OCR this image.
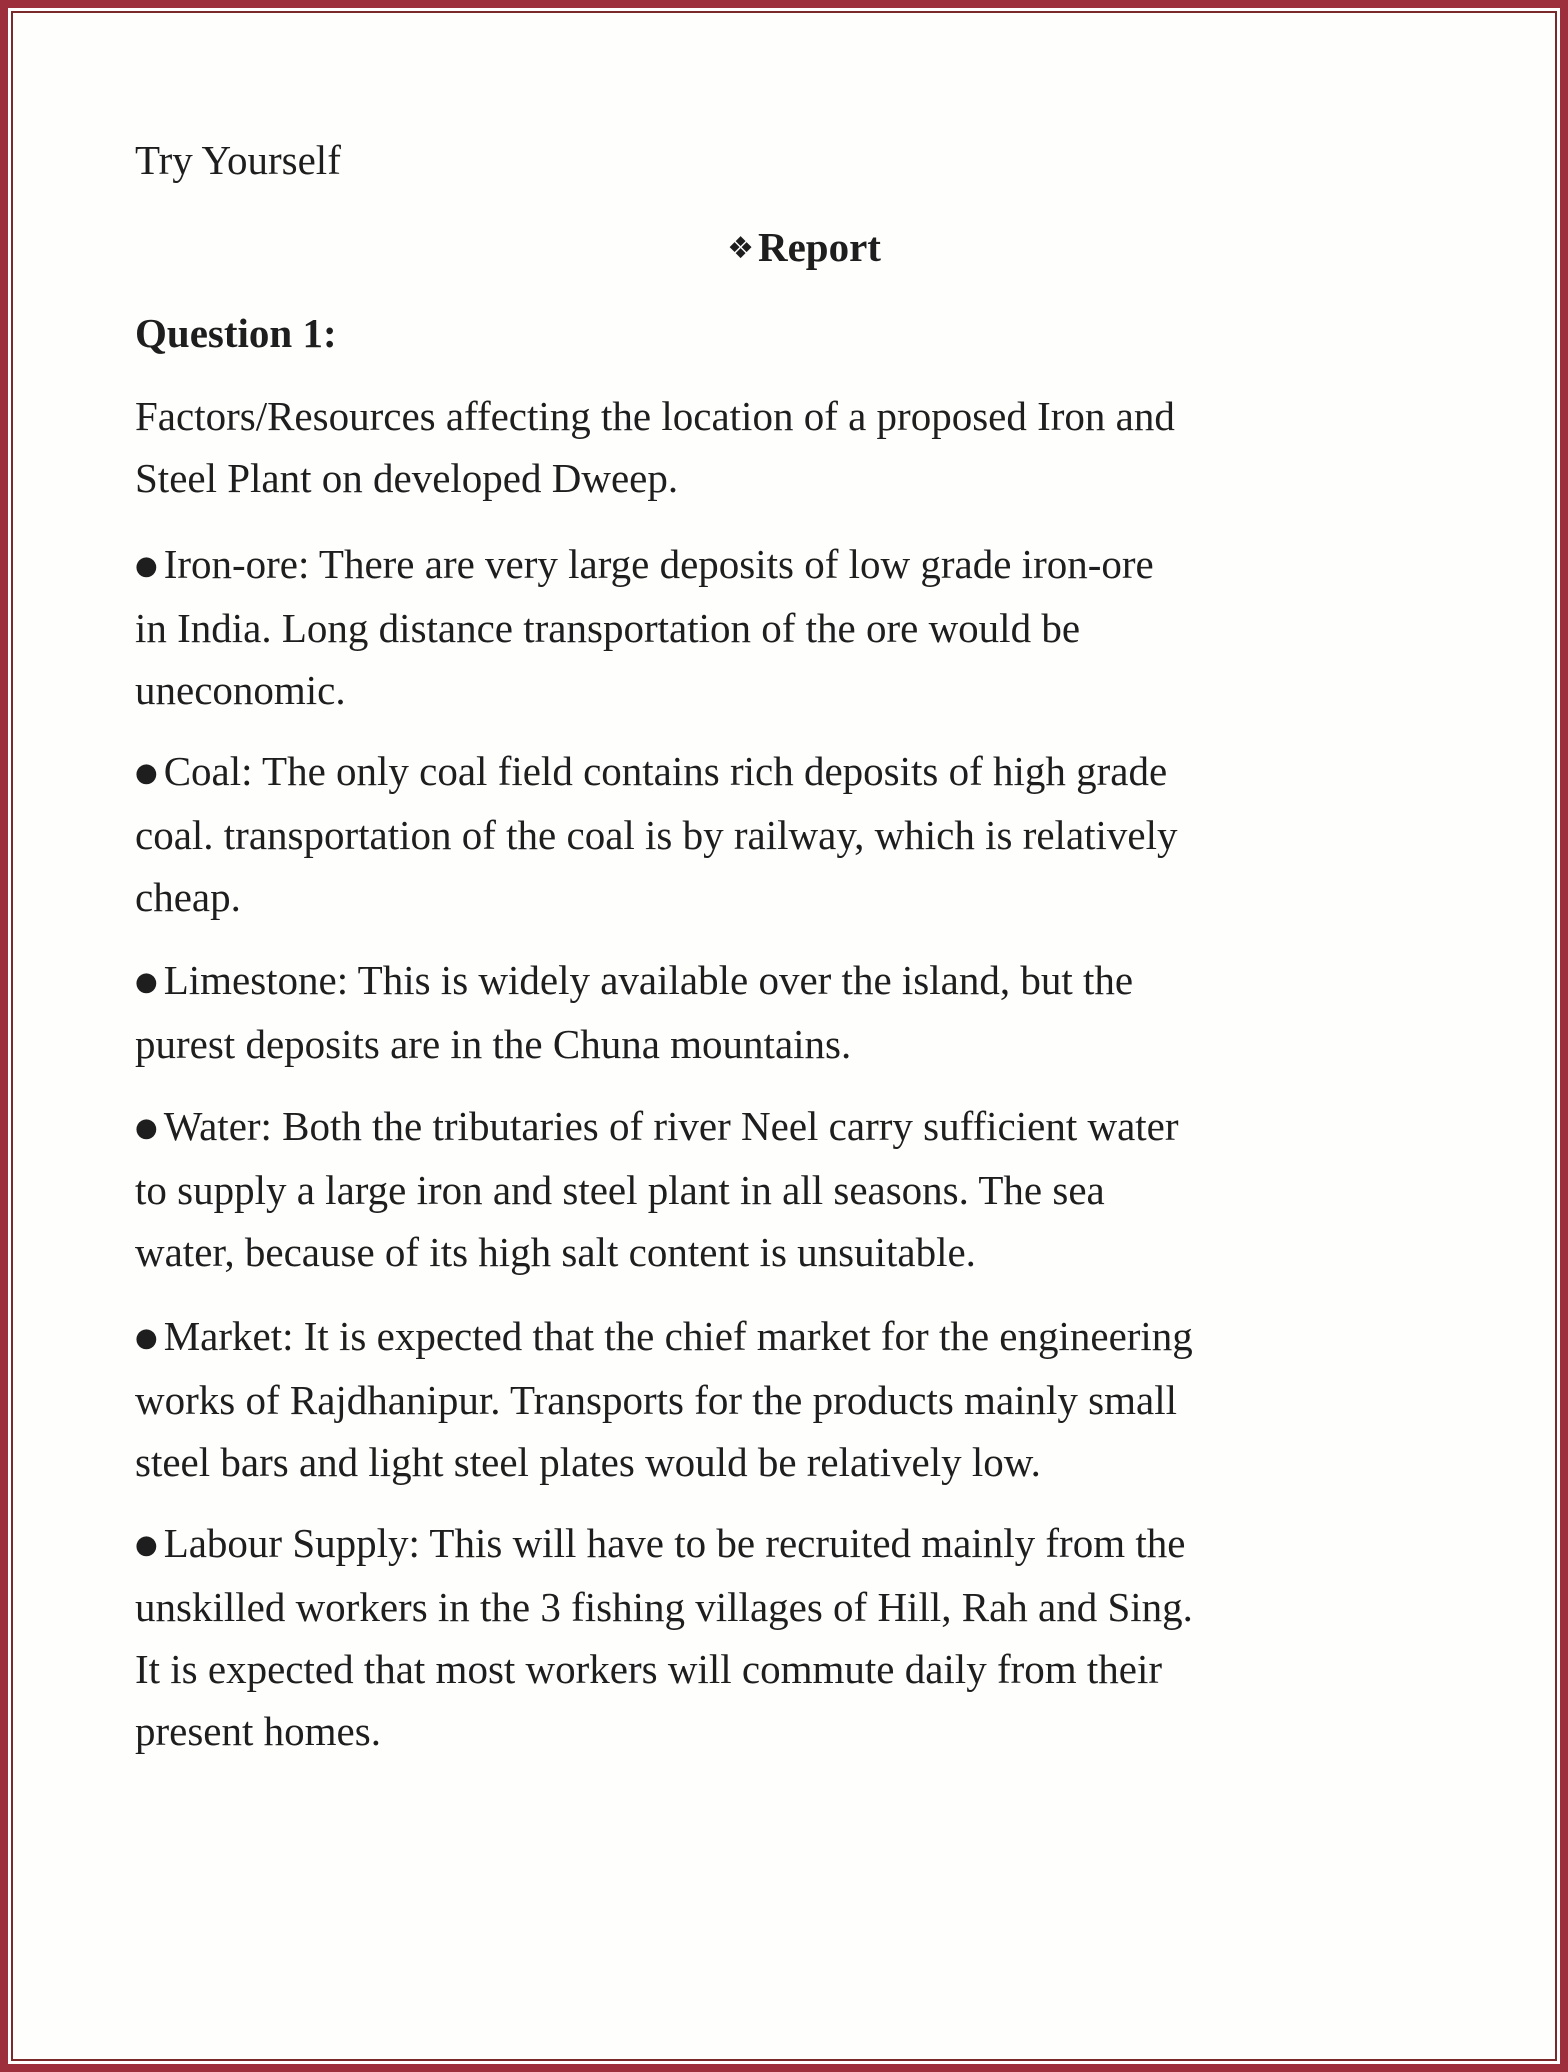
Try Yourself
❖Report
Question 1:
Factors/Resources affecting the location of a proposed Iron and
Steel Plant on developed Dweep.
● Iron-ore: There are very large deposits of low grade iron-ore
in India. Long distance transportation of the ore would be
uneconomic.
● Coal: The only coal field contains rich deposits of high grade
coal. transportation of the coal is by railway, which is relatively
cheap.
● Limestone: This is widely available over the island, but the
purest deposits are in the Chuna mountains.
● Water: Both the tributaries of river Neel carry sufficient water
to supply a large iron and steel plant in all seasons. The sea
water, because of its high salt content is unsuitable.
● Market: It is expected that the chief market for the engineering
works of Rajdhanipur. Transports for the products mainly small
steel bars and light steel plates would be relatively low.
● Labour Supply: This will have to be recruited mainly from the
unskilled workers in the 3 fishing villages of Hill, Rah and Sing.
It is expected that most workers will commute daily from their
present homes.
